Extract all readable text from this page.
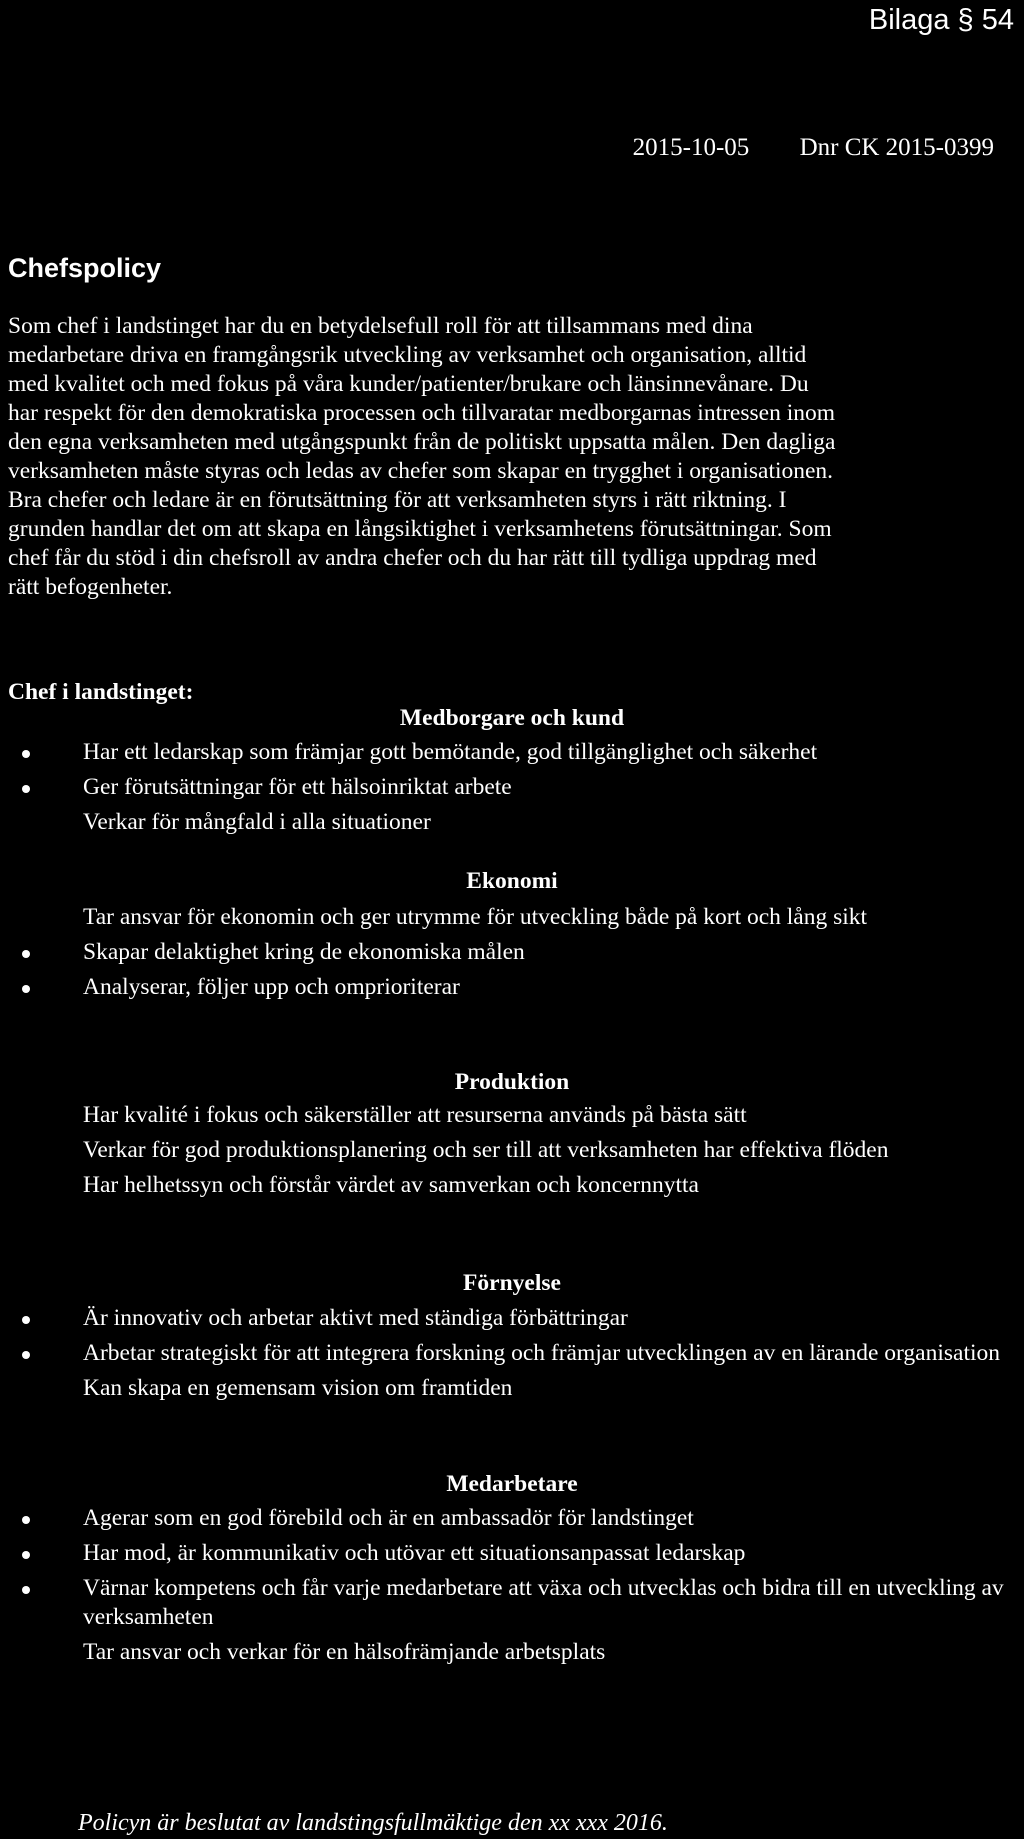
Bilaga § 54
2015-10-05 Dnr CK 2015-0399
Chefspolicy
Som chef i landstinget har du en betydelsefull roll för att tillsammans med dina
medarbetare driva en framgångsrik utveckling av verksamhet och organisation, alltid
med kvalitet och med fokus på våra kunder/patienter/brukare och länsinnevånare. Du
har respekt för den demokratiska processen och tillvaratar medborgarnas intressen inom
den egna verksamheten med utgångspunkt från de politiskt uppsatta målen. Den dagliga
verksamheten måste styras och ledas av chefer som skapar en trygghet i organisationen.
Bra chefer och ledare är en förutsättning för att verksamheten styrs i rätt riktning. I
grunden handlar det om att skapa en långsiktighet i verksamhetens förutsättningar. Som
chef får du stöd i din chefsroll av andra chefer och du har rätt till tydliga uppdrag med
rätt befogenheter.

Chef i landstinget:

Medborgare och kund
Har ett ledarskap som främjar gott bemötande, god tillgänglighet och säkerhet
Ger förutsättningar för ett hälsoinriktat arbete
Verkar för mångfald i alla situationer
Ekonomi
Tar ansvar för ekonomin och ger utrymme för utveckling både på kort och lång sikt
Skapar delaktighet kring de ekonomiska målen
Analyserar, följer upp och omprioriterar
Produktion
Har kvalité i fokus och säkerställer att resurserna används på bästa sätt
Verkar för god produktionsplanering och ser till att verksamheten har effektiva flöden
Har helhetssyn och förstår värdet av samverkan och koncernnytta
Förnyelse
Är innovativ och arbetar aktivt med ständiga förbättringar
Arbetar strategiskt för att integrera forskning och främjar utvecklingen av en lärande organisation
Kan skapa en gemensam vision om framtiden
Medarbetare
Agerar som en god förebild och är en ambassadör för landstinget
Har mod, är kommunikativ och utövar ett situationsanpassat ledarskap
Värnar kompetens och får varje medarbetare att växa och utvecklas och bidra till en utveckling av verksamheten
Tar ansvar och verkar för en hälsofrämjande arbetsplats

Policyn är beslutat av landstingsfullmäktige den xx xxx 2016.
